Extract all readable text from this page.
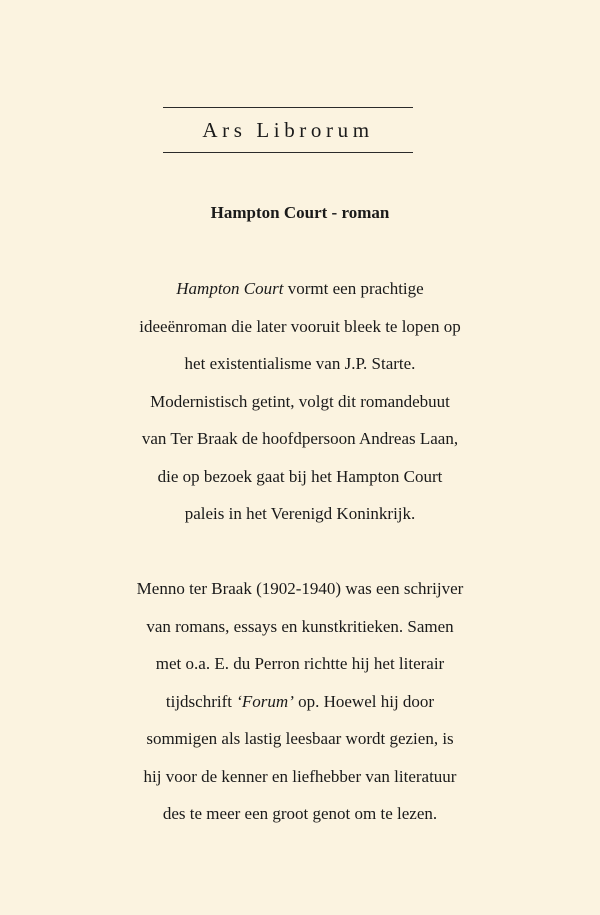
Ars Librorum
Hampton Court - roman

Hampton Court vormt een prachtige
ideeënroman die later vooruit bleek te lopen op
het existentialisme van J.P. Starte.
Modernistisch getint, volgt dit romandebuut
van Ter Braak de hoofdpersoon Andreas Laan,
die op bezoek gaat bij het Hampton Court
paleis in het Verenigd Koninkrijk.

Menno ter Braak (1902-1940) was een schrijver
van romans, essays en kunstkritieken. Samen
met o.a. E. du Perron richtte hij het literair
tijdschrift ‘Forum’ op. Hoewel hij door
sommigen als lastig leesbaar wordt gezien, is
hij voor de kenner en liefhebber van literatuur
des te meer een groot genot om te lezen.
